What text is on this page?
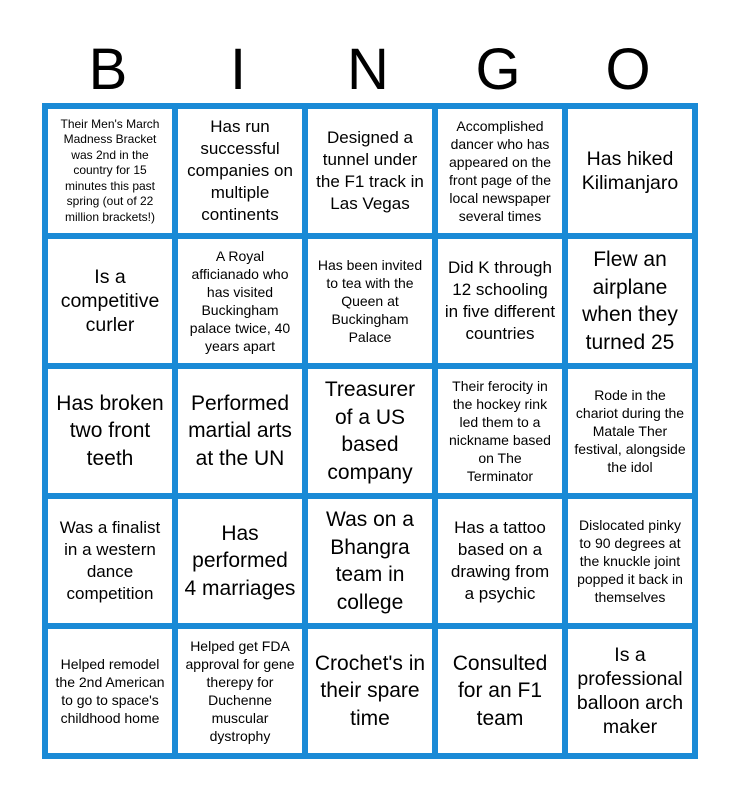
B	I	N	G	O
Their Men's March Madness Bracket was 2nd in the country for 15 minutes this past spring (out of 22 million brackets!)
Has run successful companies on multiple continents
Designed a tunnel under the F1 track in Las Vegas
Accomplished dancer who has appeared on the front page of the local newspaper several times
Has hiked Kilimanjaro
Is a competitive curler
A Royal afficianado who has visited Buckingham palace twice, 40 years apart
Has been invited to tea with the Queen at Buckingham Palace
Did K through 12 schooling in five different countries
Flew an airplane when they turned 25
Has broken two front teeth
Performed martial arts at the UN
Treasurer of a US based company
Their ferocity in the hockey rink led them to a nickname based on The Terminator
Rode in the chariot during the Matale Ther festival, alongside the idol
Was a finalist in a western dance competition
Has performed 4 marriages
Was on a Bhangra team in college
Has a tattoo based on a drawing from a psychic
Dislocated pinky to 90 degrees at the knuckle joint popped it back in themselves
Helped remodel the 2nd American to go to space's childhood home
Helped get FDA approval for gene therepy for Duchenne muscular dystrophy
Crochet's in their spare time
Consulted for an F1 team
Is a professional balloon arch maker
